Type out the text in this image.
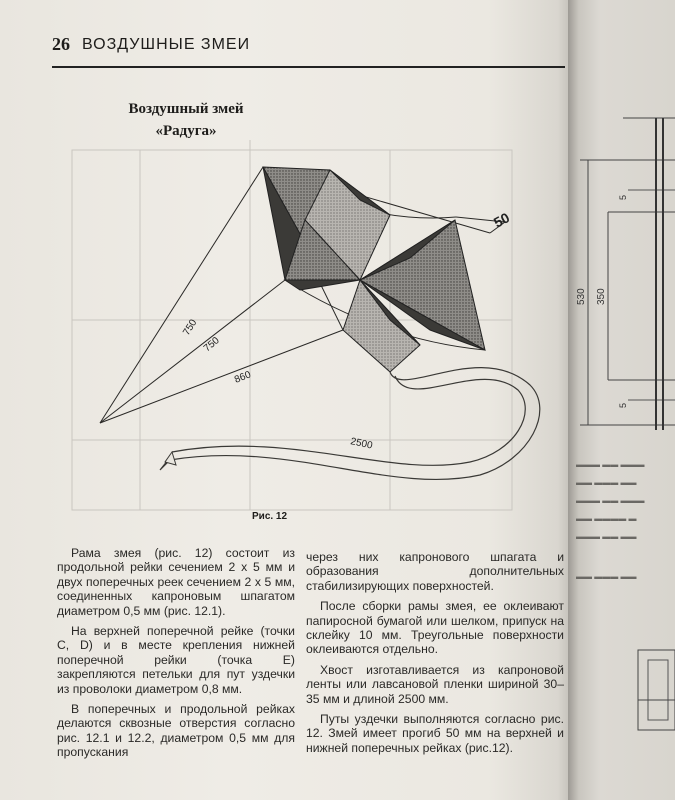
530 350
5
5
▬▬▬ ▬▬ ▬▬▬
▬▬ ▬▬▬ ▬▬
▬▬▬ ▬▬ ▬▬▬
▬▬ ▬▬▬▬ ▬
▬▬▬ ▬▬ ▬▬
▬▬ ▬▬▬ ▬▬
26 ВОЗДУШНЫЕ ЗМЕИ
Воздушный змей
«Радуга»
50
750
750
860
2500
Рис. 12

Рама змея (рис. 12) состоит из продольной рейки сечением 2 х 5 мм и двух поперечных реек сечением 2 х 5 мм, соединенных капроновым шпагатом диаметром 0,5 мм (рис. 12.1).

На верхней поперечной рейке (точки С, D) и в месте крепления нижней поперечной рейки (точка Е) закрепляются петельки для пут уздечки из проволоки диаметром 0,8 мм.

В поперечных и продольной рейках делаются сквозные отверстия согласно рис. 12.1 и 12.2, диаметром 0,5 мм для пропускания

через них капронового шпагата и образования дополнительных стабилизирующих поверхностей.

После сборки рамы змея, ее оклеивают папиросной бумагой или шелком, припуск на склейку 10 мм. Треугольные поверхности оклеиваются отдельно.

Хвост изготавливается из капроновой ленты или лавсановой пленки шириной 30–35 мм и длиной 2500 мм.

Путы уздечки выполняются согласно рис. 12. Змей имеет прогиб 50 мм на верхней и нижней поперечных рейках (рис.12).
